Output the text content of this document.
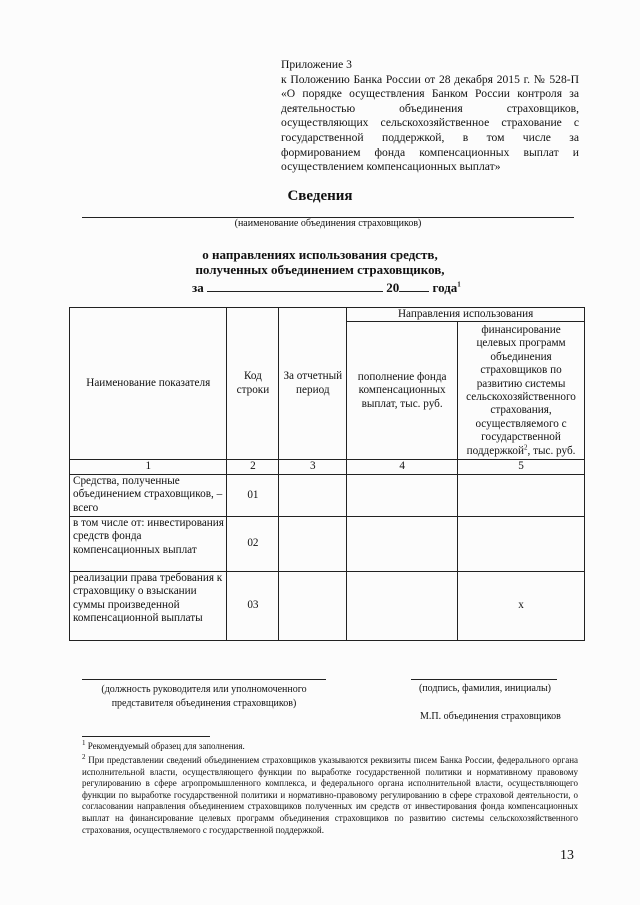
Приложение 3
к Положению Банка России от 28 декабря 2015 г. № 528-П
«О порядке осуществления Банком России контроля за
деятельностью объединения страховщиков,
осуществляющих сельскохозяйственное страхование с
государственной поддержкой, в том числе за
формированием фонда компенсационных выплат и
осуществлением компенсационных выплат»
Сведения
(наименование объединения страховщиков)
о направлениях использования средств,
полученных объединением страховщиков,
за	20	года$^1$
Наименование показателя	Код строки	За отчетный период	Направления использования	
			пополнение фонда компенсационных выплат, тыс. руб.	финансирование целевых программ объединения страховщиков по развитию системы сельскохозяйственного страхования, осуществляемого с государственной поддержкой$^2$, тыс. руб.
1	2	3	4	5
Средства, полученные объединением страховщиков, – всего	01			
в том числе от: инвестирования средств фонда компенсационных выплат	02			
реализации права требования к страховщику о взыскании суммы произведенной компенсационной выплаты	03			x
(должность руководителя или уполномоченного представителя объединения страховщиков)
(подпись, фамилия, инициалы)
М.П. объединения страховщиков
$^1$ Рекомендуемый образец для заполнения.
$^2$ При представлении сведений объединением страховщиков указываются реквизиты писем Банка России, федерального органа исполнительной власти, осуществляющего функции по выработке государственной политики и нормативному правовому регулированию в сфере агропромышленного комплекса, и федерального органа исполнительной власти, осуществляющего функции по выработке государственной политики и нормативно-правовому регулированию в сфере страховой деятельности, о согласовании направления объединением страховщиков полученных им средств от инвестирования фонда компенсационных выплат на финансирование целевых программ объединения страховщиков по развитию системы сельскохозяйственного страхования, осуществляемого с государственной поддержкой.
13
